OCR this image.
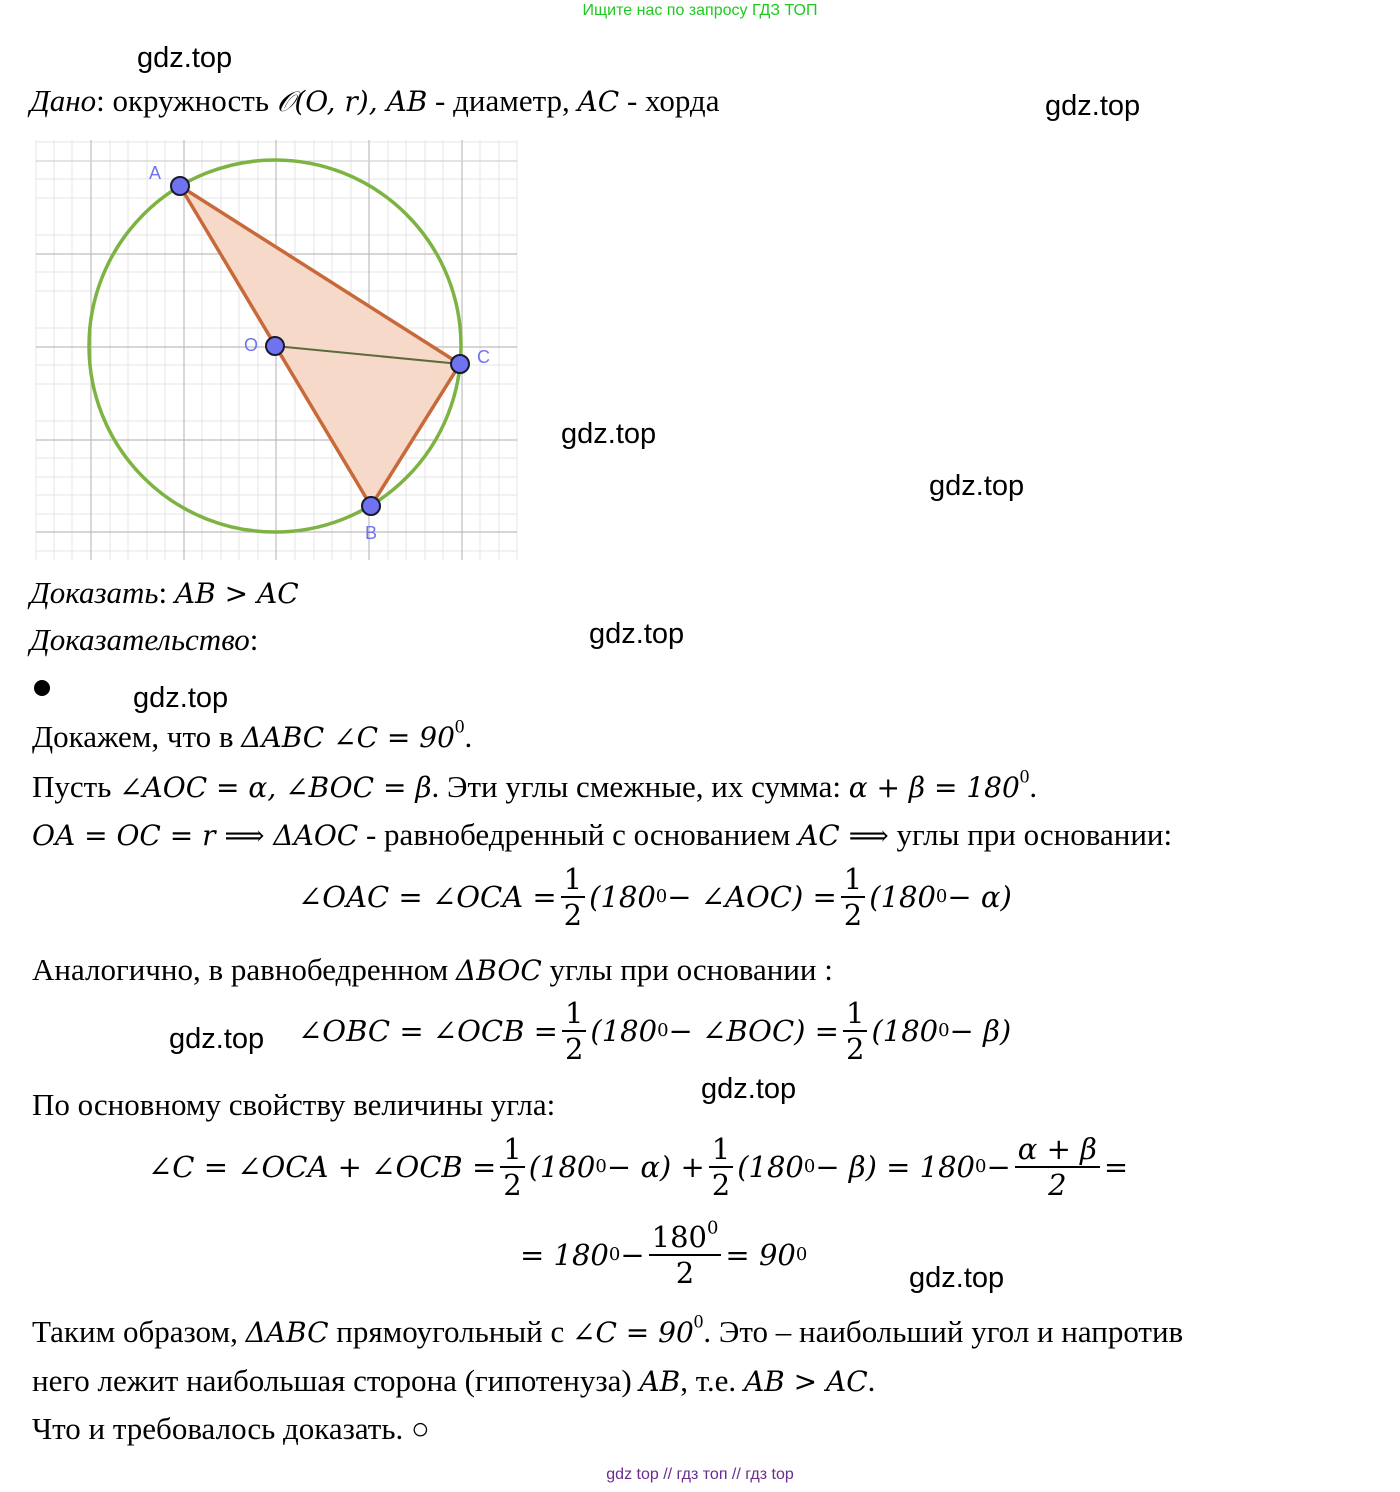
Ищите нас по запросу ГДЗ ТОП
gdz.top
gdz.top
gdz.top
gdz.top
gdz.top
gdz.top
gdz.top
gdz.top
gdz.top
Дано: окружность 𝒪(O, r), AB - диаметр, AC - хорда
A
O
C
B
Доказать: AB > AC
Доказательство:
Докажем, что в ΔABC ∠C = $90^0$.
Пусть ∠AOC = α, ∠BOC = β. Эти углы смежные, их сумма: $\alpha + \beta = 180^0$.
OA = OC = r ⟹ ΔAOC - равнобедренный с основанием AC ⟹ углы при основании:
∠OAC = ∠OCA = $\frac{1}{2} (180$ 0 − ∠AOC) = $\frac{1}{2} (180$ 0 − α)
Аналогично, в равнобедренном ΔBOC углы при основании :
∠OBC = ∠OCB = $\frac{1}{2} (180$ 0 − ∠BOC) = $\frac{1}{2} (180$ 0 − β)
По основному свойству величины угла:
∠C = ∠OCA + ∠OCB = $\frac{1}{2} (180$ $0 - \alpha) + \frac{1}{2} (180$ 0 − β) = 180 $0 - \frac{\alpha + \beta}{2}$ =
= 180 $0 - \frac{180^0}{2} = 90$ 0
Таким образом, ΔABC прямоугольный с ∠C = $90^0$. Это – наибольший угол и напротив
него лежит наибольшая сторона (гипотенуза) AB, т.е. AB > AC.
Что и требовалось доказать. ○
gdz top // гдз топ // гдз top
